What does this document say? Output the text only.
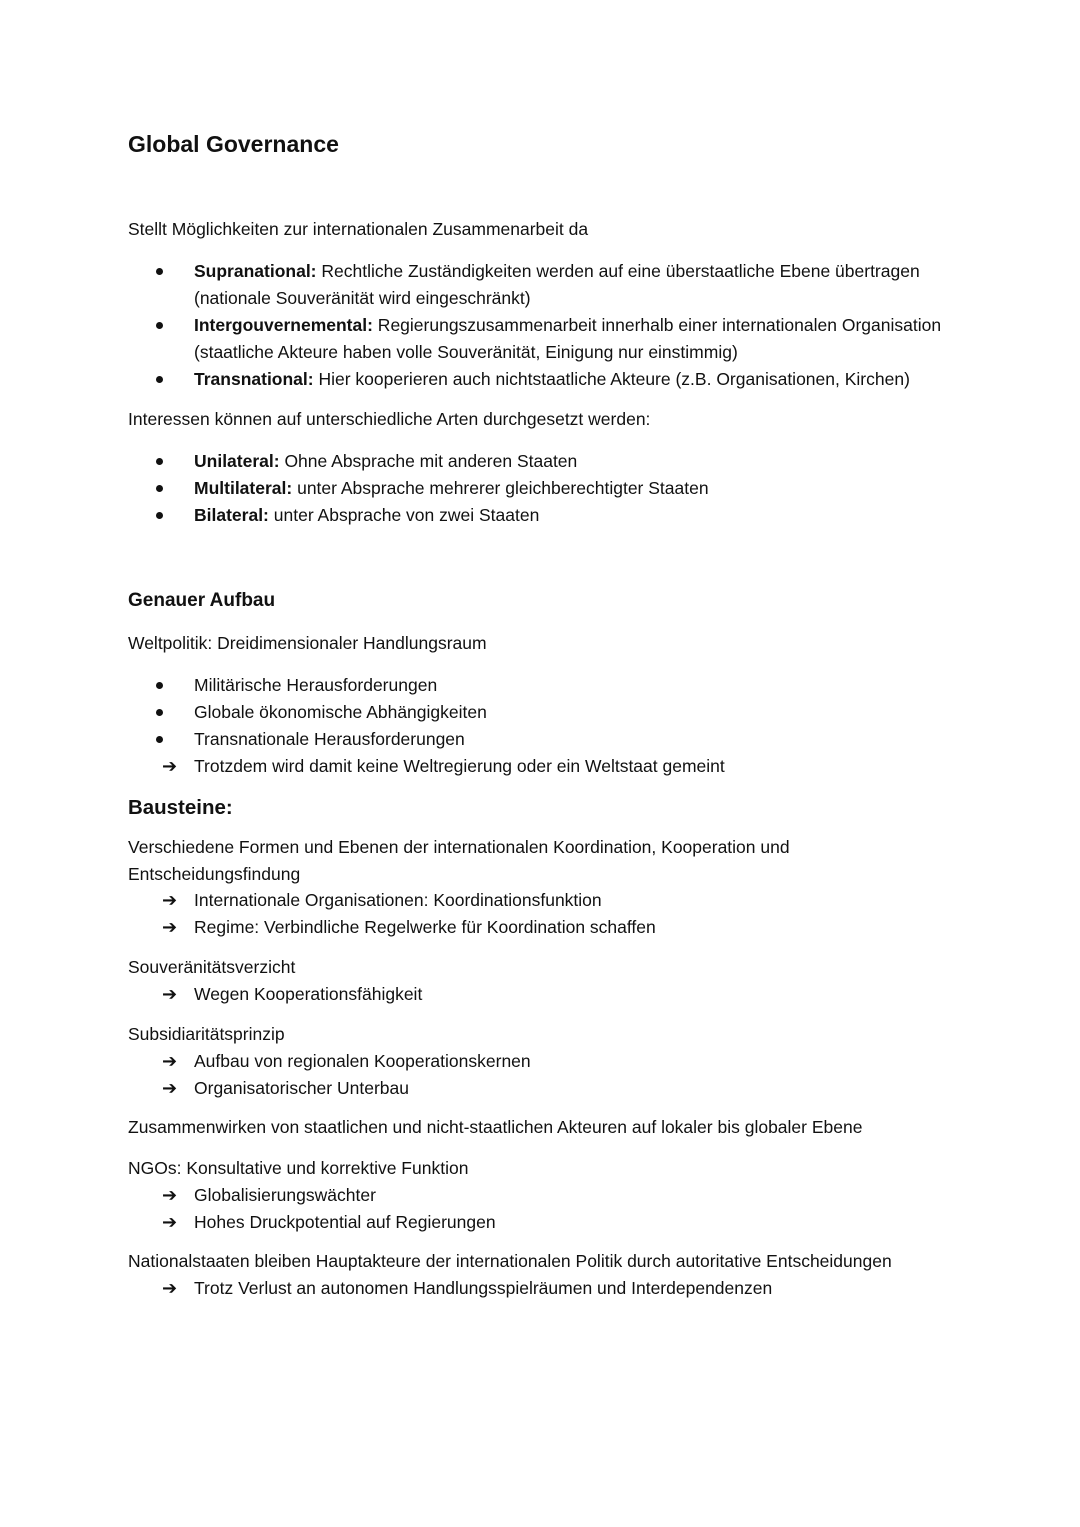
Global Governance

Stellt Möglichkeiten zur internationalen Zusammenarbeit da

Supranational: Rechtliche Zuständigkeiten werden auf eine überstaatliche Ebene übertragen (nationale Souveränität wird eingeschränkt)
Intergouvernemental: Regierungszusammenarbeit innerhalb einer internationalen Organisation (staatliche Akteure haben volle Souveränität, Einigung nur einstimmig)
Transnational: Hier kooperieren auch nichtstaatliche Akteure (z.B. Organisationen, Kirchen)

Interessen können auf unterschiedliche Arten durchgesetzt werden:

Unilateral: Ohne Absprache mit anderen Staaten
Multilateral: unter Absprache mehrerer gleichberechtigter Staaten
Bilateral: unter Absprache von zwei Staaten
Genauer Aufbau

Weltpolitik: Dreidimensionaler Handlungsraum

Militärische Herausforderungen
Globale ökonomische Abhängigkeiten
Transnationale Herausforderungen
➔ Trotzdem wird damit keine Weltregierung oder ein Weltstaat gemeint
Bausteine:

Verschiedene Formen und Ebenen der internationalen Koordination, Kooperation und Entscheidungsfindung

➔ Internationale Organisationen: Koordinationsfunktion
➔ Regime: Verbindliche Regelwerke für Koordination schaffen

Souveränitätsverzicht

➔ Wegen Kooperationsfähigkeit

Subsidiaritätsprinzip

➔ Aufbau von regionalen Kooperationskernen
➔ Organisatorischer Unterbau

Zusammenwirken von staatlichen und nicht-staatlichen Akteuren auf lokaler bis globaler Ebene

NGOs: Konsultative und korrektive Funktion

➔ Globalisierungswächter
➔ Hohes Druckpotential auf Regierungen

Nationalstaaten bleiben Hauptakteure der internationalen Politik durch autoritative Entscheidungen

➔ Trotz Verlust an autonomen Handlungsspielräumen und Interdependenzen
